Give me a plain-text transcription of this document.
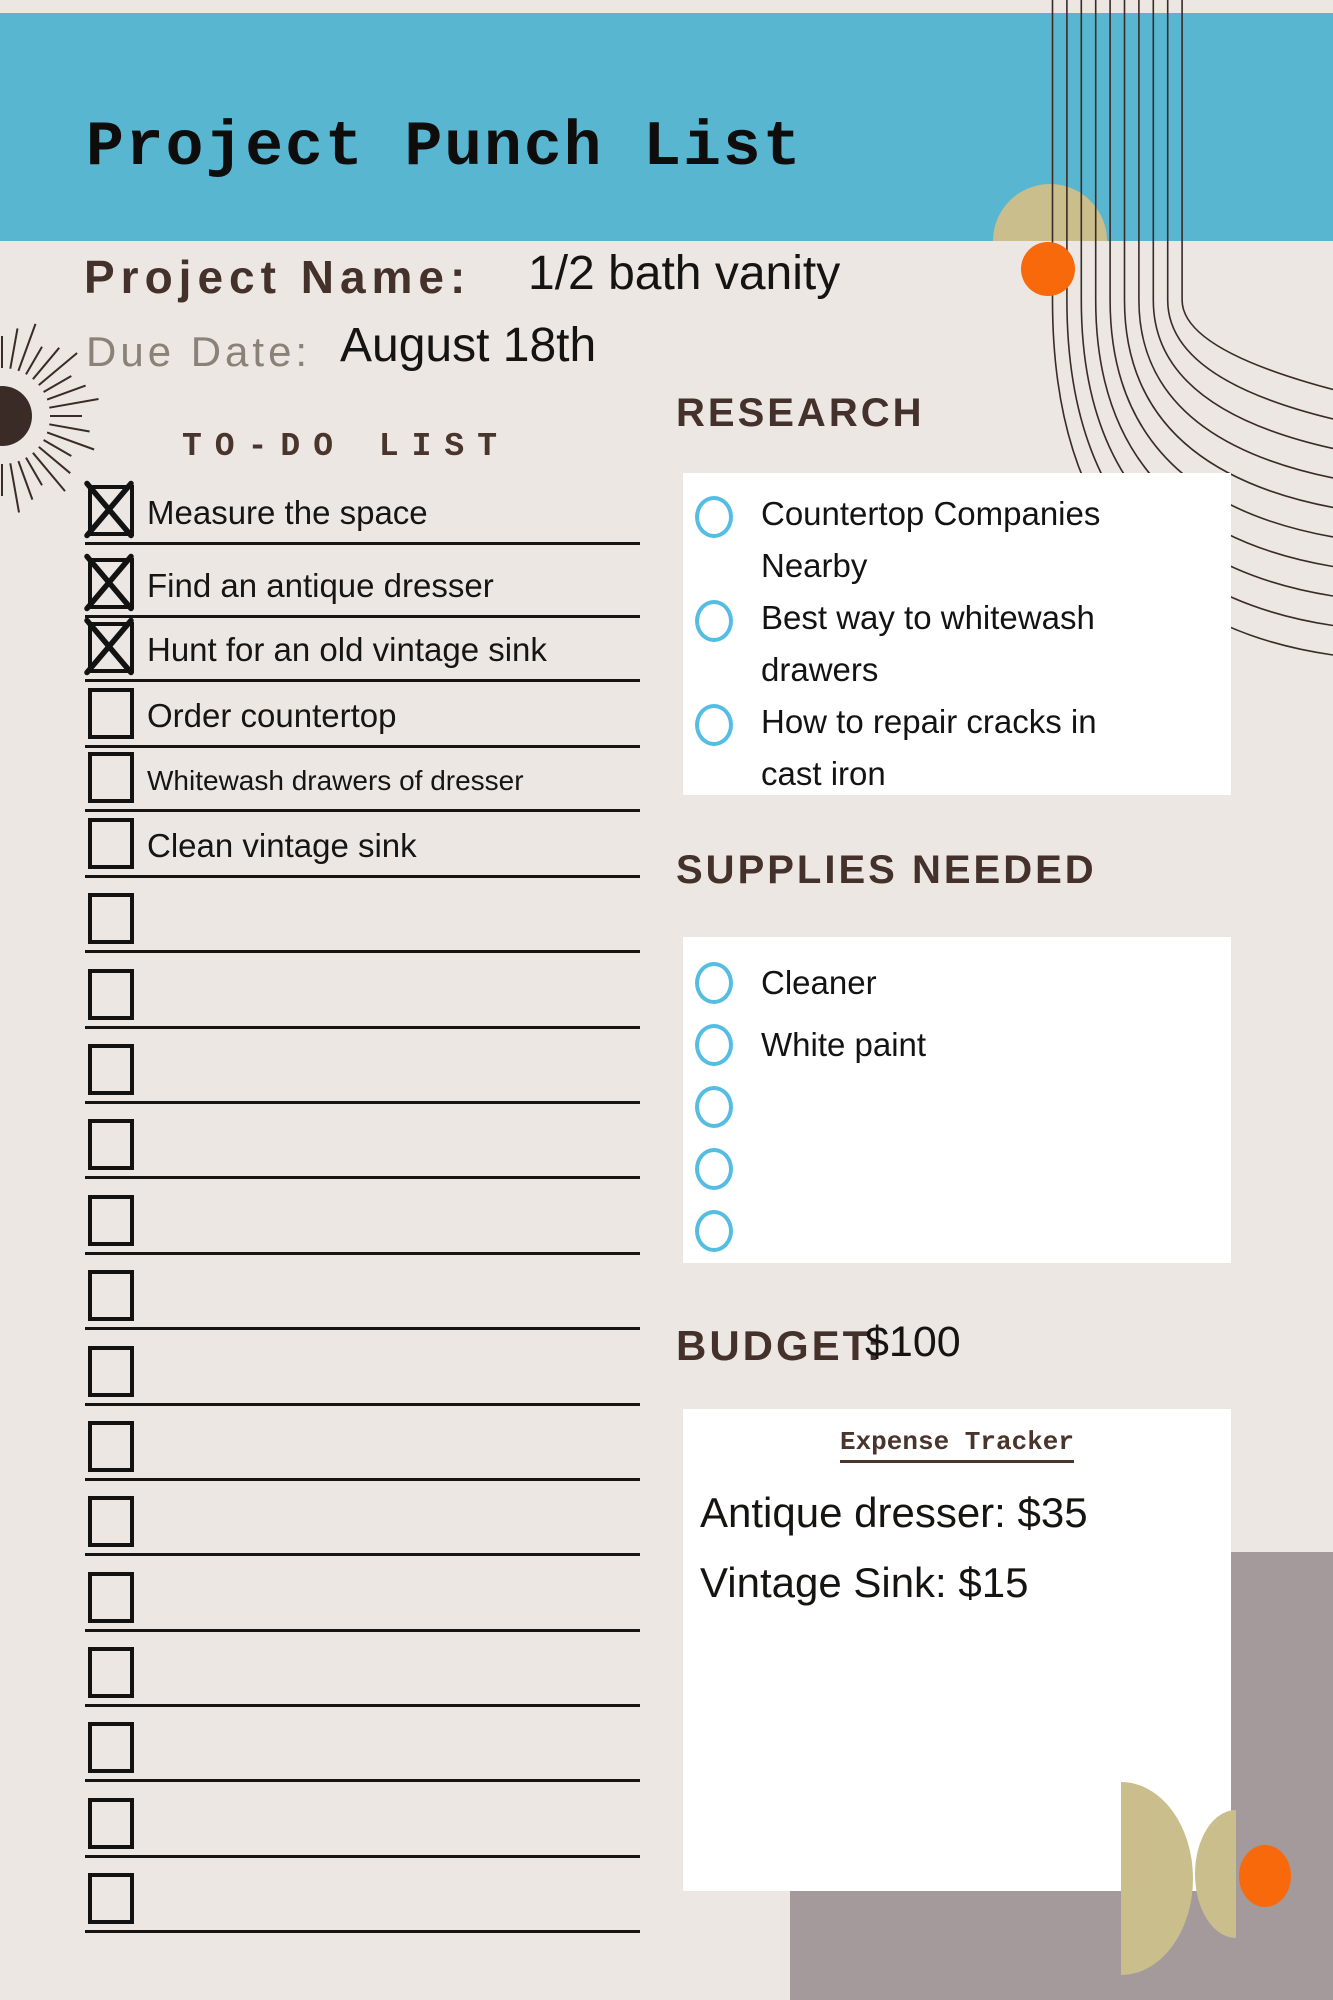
Project Punch List
Project Name: 1/2 bath vanity
Due Date: August 18th
TO-DO LIST
Measure the space
Find an antique dresser
Hunt for an old vintage sink
Order countertop
Whitewash drawers of dresser
Clean vintage sink
RESEARCH
Countertop Companies Nearby
Best way to whitewash drawers
How to repair cracks in cast iron
SUPPLIES NEEDED
Cleaner
White paint
BUDGET:
$100
Expense Tracker
Antique dresser: $35
Vintage Sink: $15
